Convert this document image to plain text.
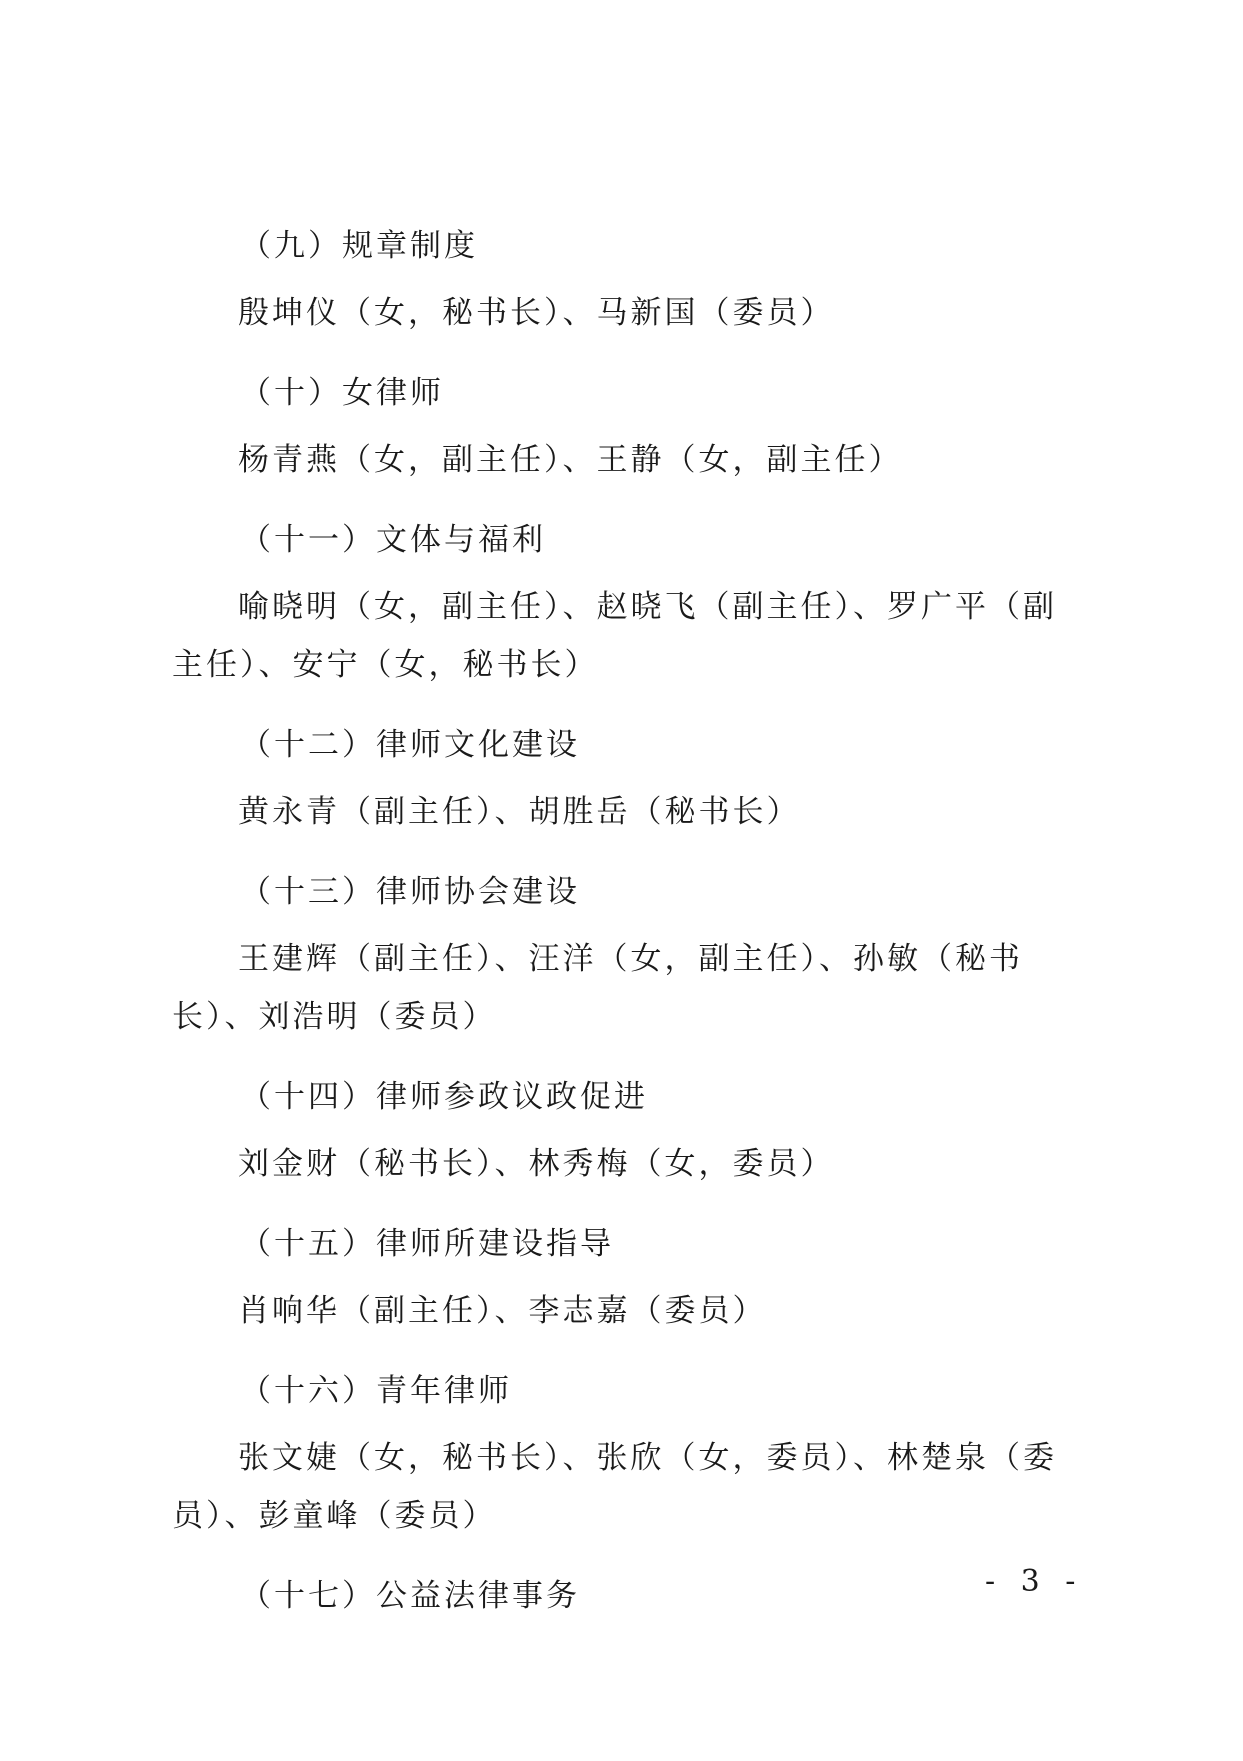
（九）规章制度
殷坤仪（女，秘书长）、马新国（委员）
（十）女律师
杨青燕（女，副主任）、王静（女，副主任）
（十一）文体与福利
喻晓明（女，副主任）、赵晓飞（副主任）、罗广平（副主任）、安宁（女，秘书长）
（十二）律师文化建设
黄永青（副主任）、胡胜岳（秘书长）
（十三）律师协会建设
王建辉（副主任）、汪洋（女，副主任）、孙敏（秘书长）、刘浩明（委员）
（十四）律师参政议政促进
刘金财（秘书长）、林秀梅（女，委员）
（十五）律师所建设指导
肖响华（副主任）、李志嘉（委员）
（十六）青年律师
张文婕（女，秘书长）、张欣（女，委员）、林楚泉（委员）、彭童峰（委员）
（十七）公益法律事务	- 3 -
